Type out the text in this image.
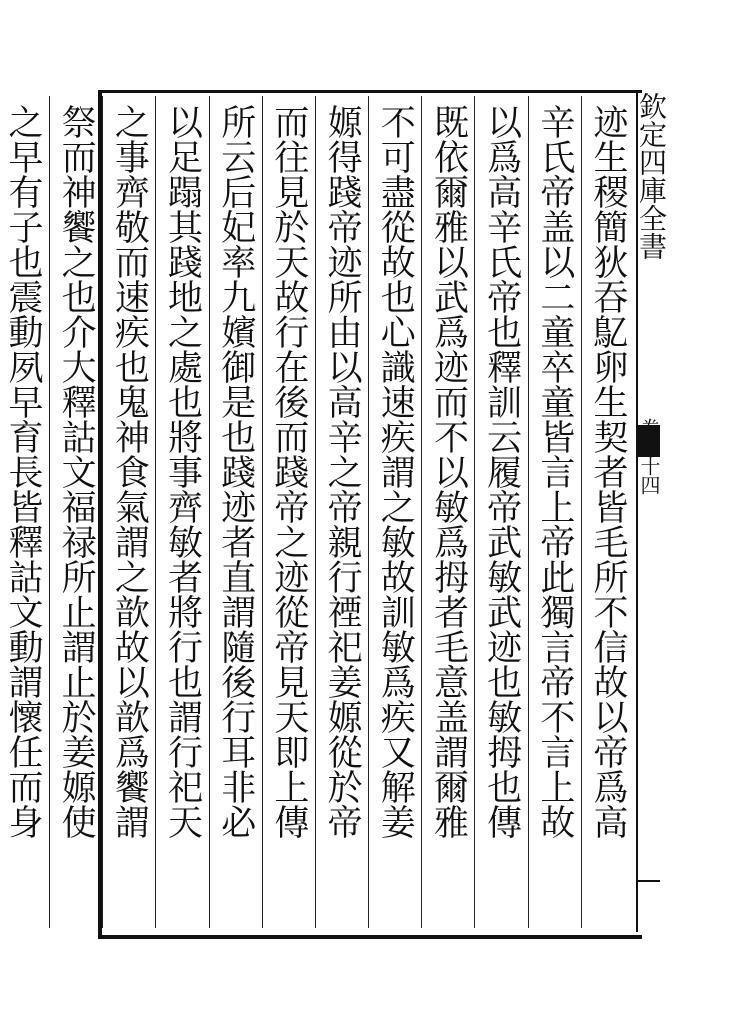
欽定四庫全書
卷二十四
迹生稷簡狄吞鳦卵生契者皆毛所不信故以帝爲高
辛氏帝盖以二童卒童皆言上帝此獨言帝不言上故
以爲高辛氏帝也釋訓云履帝武敏武迹也敏拇也傳
既依爾雅以武爲迹而不以敏爲拇者毛意盖謂爾雅
不可盡從故也心識速疾謂之敏故訓敏爲疾又解姜
嫄得踐帝迹所由以高辛之帝親行禋祀姜嫄從於帝
而往見於天故行在後而踐帝之迹從帝見天即上傳
所云后妃率九嬪御是也踐迹者直謂隨後行耳非必
以足蹋其踐地之處也將事齊敏者將行也謂行祀天
之事齊敬而速疾也鬼神食氣謂之歆故以歆爲饗謂
祭而神饗之也介大釋詁文福禄所止謂止於姜嫄使
之早有子也震動夙早育長皆釋詁文動謂懷任而身
